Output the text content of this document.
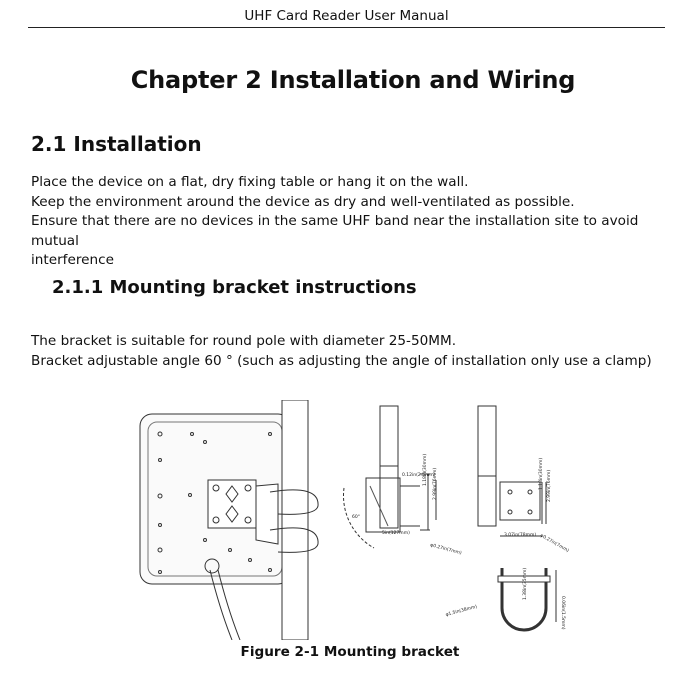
UHF Card Reader User Manual
Chapter 2 Installation and Wiring
2.1 Installation
Place the device on a flat, dry fixing table or hang it on the wall.
Keep the environment around the device as dry and well-ventilated as possible.
Ensure that there are no devices in the same UHF band near the installation site to avoid mutual
interference
2.1.1 Mounting bracket instructions
The bracket is suitable for round pole with diameter 25-50MM.
Bracket adjustable angle 60 ° (such as adjusting the angle of installation only use a clamp)
0.12in(2.5mm)
1.18in(30mm) 2.99in(76mm)
5in(127mm)
φ0.27in(7mm)
1.18in(30mm) 2.99in(76mm)
3.07in(78mm) φ0.27in(7mm)
φ1.5in(38mm)
1.38in(35mm)
0.06in(1.5mm)
60°
Figure 2-1 Mounting bracket
